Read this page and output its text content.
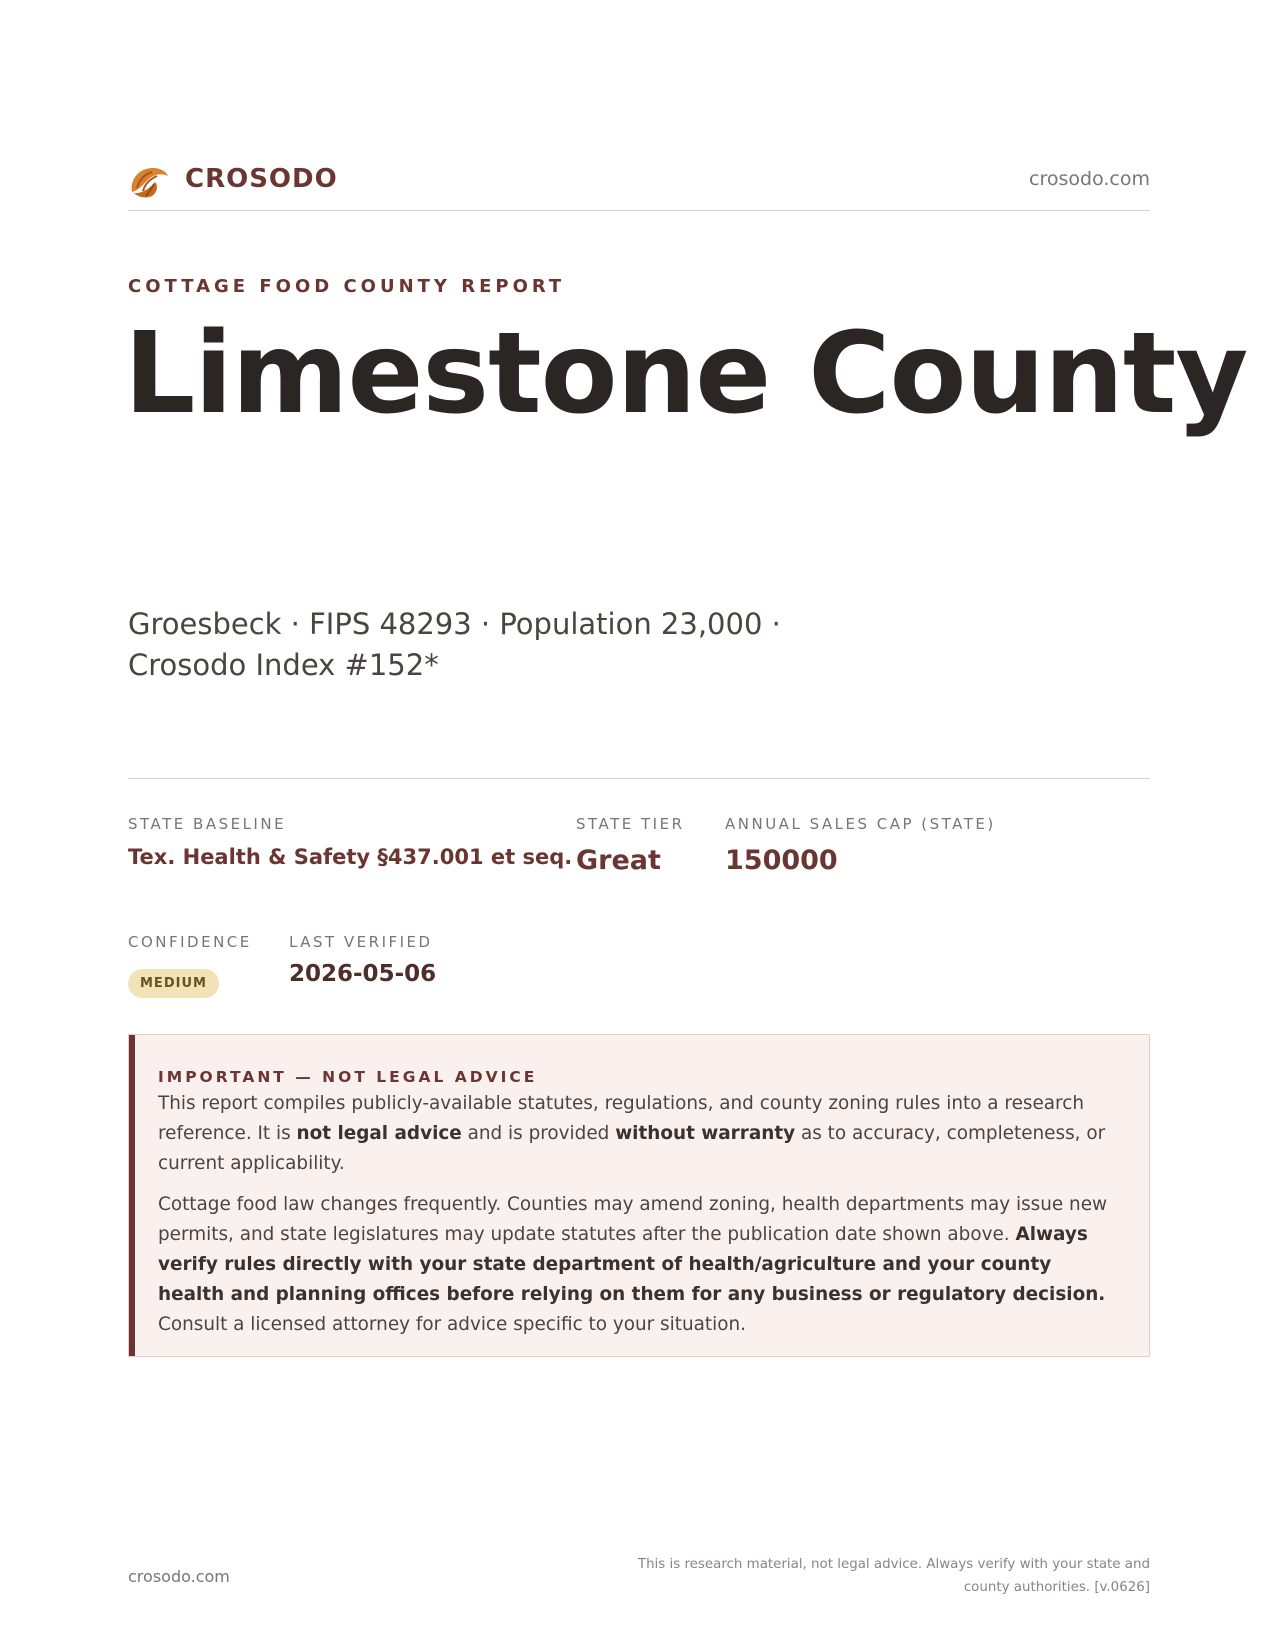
CROSODO	crosodo.com
COTTAGE FOOD COUNTY REPORT
Limestone County
Groesbeck · FIPS 48293 · Population 23,000 · Crosodo Index #152*
STATE BASELINE
Tex. Health & Safety §437.001 et seq.
STATE TIER
Great
ANNUAL SALES CAP (STATE)
150000
CONFIDENCE
MEDIUM
LAST VERIFIED
2026-05-06
IMPORTANT — NOT LEGAL ADVICE

This report compiles publicly-available statutes, regulations, and county zoning rules into a research reference. It is not legal advice and is provided without warranty as to accuracy, completeness, or current applicability.

Cottage food law changes frequently. Counties may amend zoning, health departments may issue new permits, and state legislatures may update statutes after the publication date shown above. Always verify rules directly with your state department of health/agriculture and your county health and planning offices before relying on them for any business or regulatory decision. Consult a licensed attorney for advice specific to your situation.

crosodo.com
This is research material, not legal advice. Always verify with your state and county authorities. [v.0626]
